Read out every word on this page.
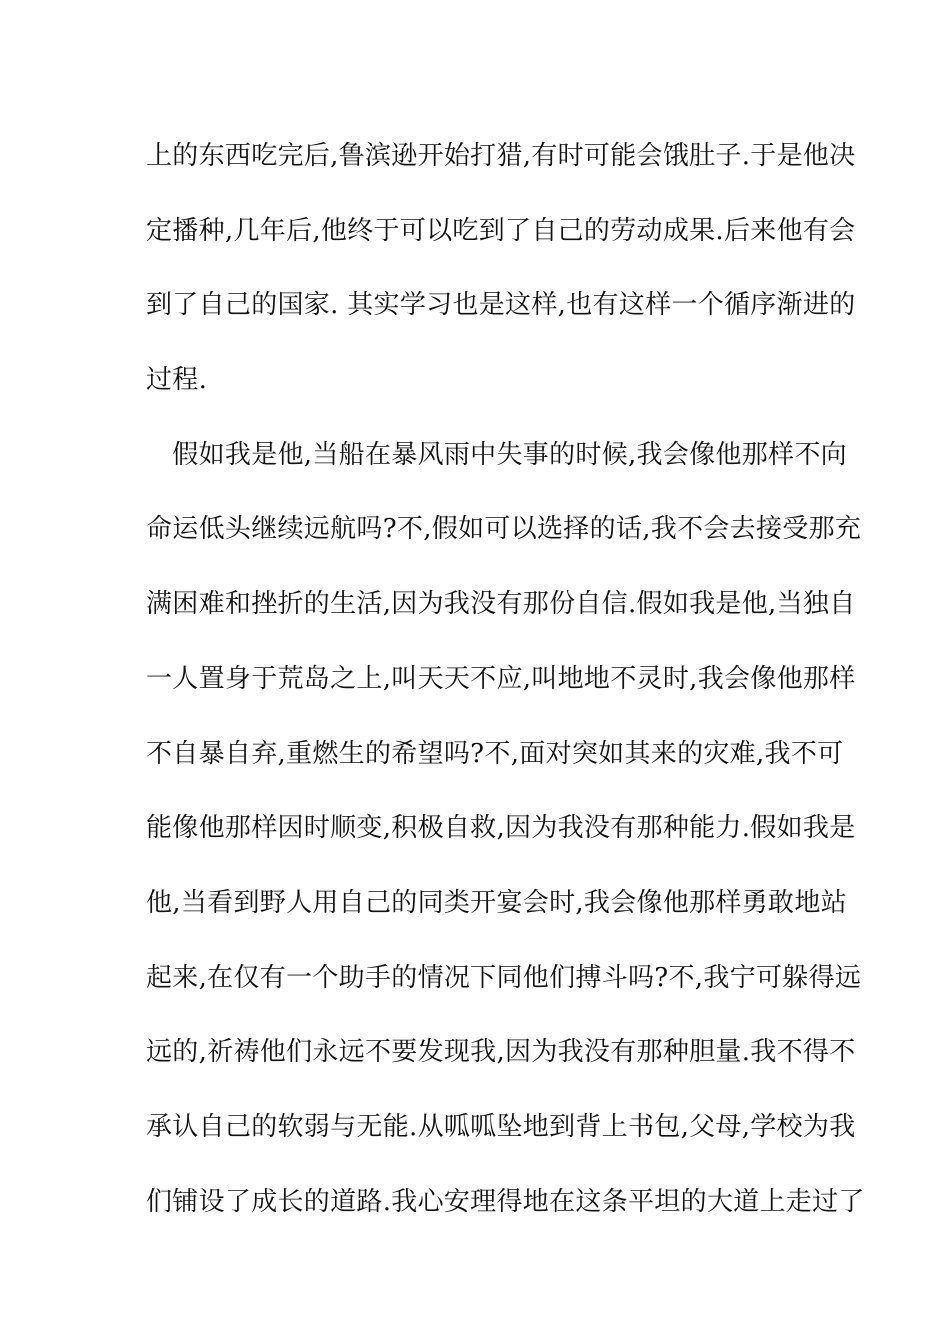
上的东西吃完后,鲁滨逊开始打猎,有时可能会饿肚子.于是他决
定播种,几年后,他终于可以吃到了自己的劳动成果.后来他有会
到了自己的国家. 其实学习也是这样,也有这样一个循序渐进的
过程.
　假如我是他,当船在暴风雨中失事的时候,我会像他那样不向
命运低头继续远航吗?不,假如可以选择的话,我不会去接受那充
满困难和挫折的生活,因为我没有那份自信.假如我是他,当独自
一人置身于荒岛之上,叫天天不应,叫地地不灵时,我会像他那样
不自暴自弃,重燃生的希望吗?不,面对突如其来的灾难,我不可
能像他那样因时顺变,积极自救,因为我没有那种能力.假如我是
他,当看到野人用自己的同类开宴会时,我会像他那样勇敢地站
起来,在仅有一个助手的情况下同他们搏斗吗?不,我宁可躲得远
远的,祈祷他们永远不要发现我,因为我没有那种胆量.我不得不
承认自己的软弱与无能.从呱呱坠地到背上书包,父母,学校为我
们铺设了成长的道路.我心安理得地在这条平坦的大道上走过了
